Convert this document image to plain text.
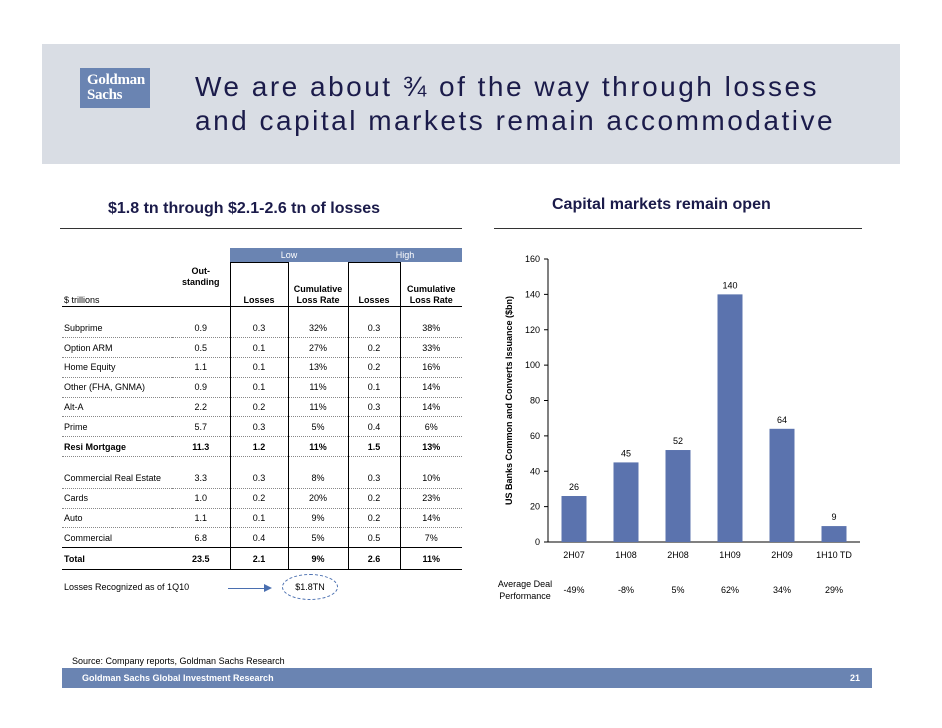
Goldman
Sachs	We are about ¾ of the way through losses
and capital markets remain accommodative
$1.8 tn through $2.1-2.6 tn of losses	Capital markets remain open
		Low		High	
$ trillions	Out-standing	Losses	Cumulative Loss Rate	Losses	Cumulative Loss Rate

Subprime	0.9	0.3	32%	0.3	38%
Option ARM	0.5	0.1	27%	0.2	33%
Home Equity	1.1	0.1	13%	0.2	16%
Other (FHA, GNMA)	0.9	0.1	11%	0.1	14%
Alt-A	2.2	0.2	11%	0.3	14%
Prime	5.7	0.3	5%	0.4	6%
Resi Mortgage	11.3	1.2	11%	1.5	13%

Commercial Real Estate	3.3	0.3	8%	0.3	10%
Cards	1.0	0.2	20%	0.2	23%
Auto	1.1	0.1	9%	0.2	14%
Commercial	6.8	0.4	5%	0.5	7%
Total	23.5	2.1	9%	2.6	11%
Losses Recognized as of 1Q10	$1.8TN
0
20
40
60
80
100
120
140
160
26
2H07
45
1H08
52
2H08
140
1H09
64
2H09
9
1H10 TD
US Banks Common and Converts Issuance ($bn)
Average Deal
Performance
-49%	-8%	5%	62%	34%	29%
Source: Company reports, Goldman Sachs Research
Goldman Sachs Global Investment Research	21
